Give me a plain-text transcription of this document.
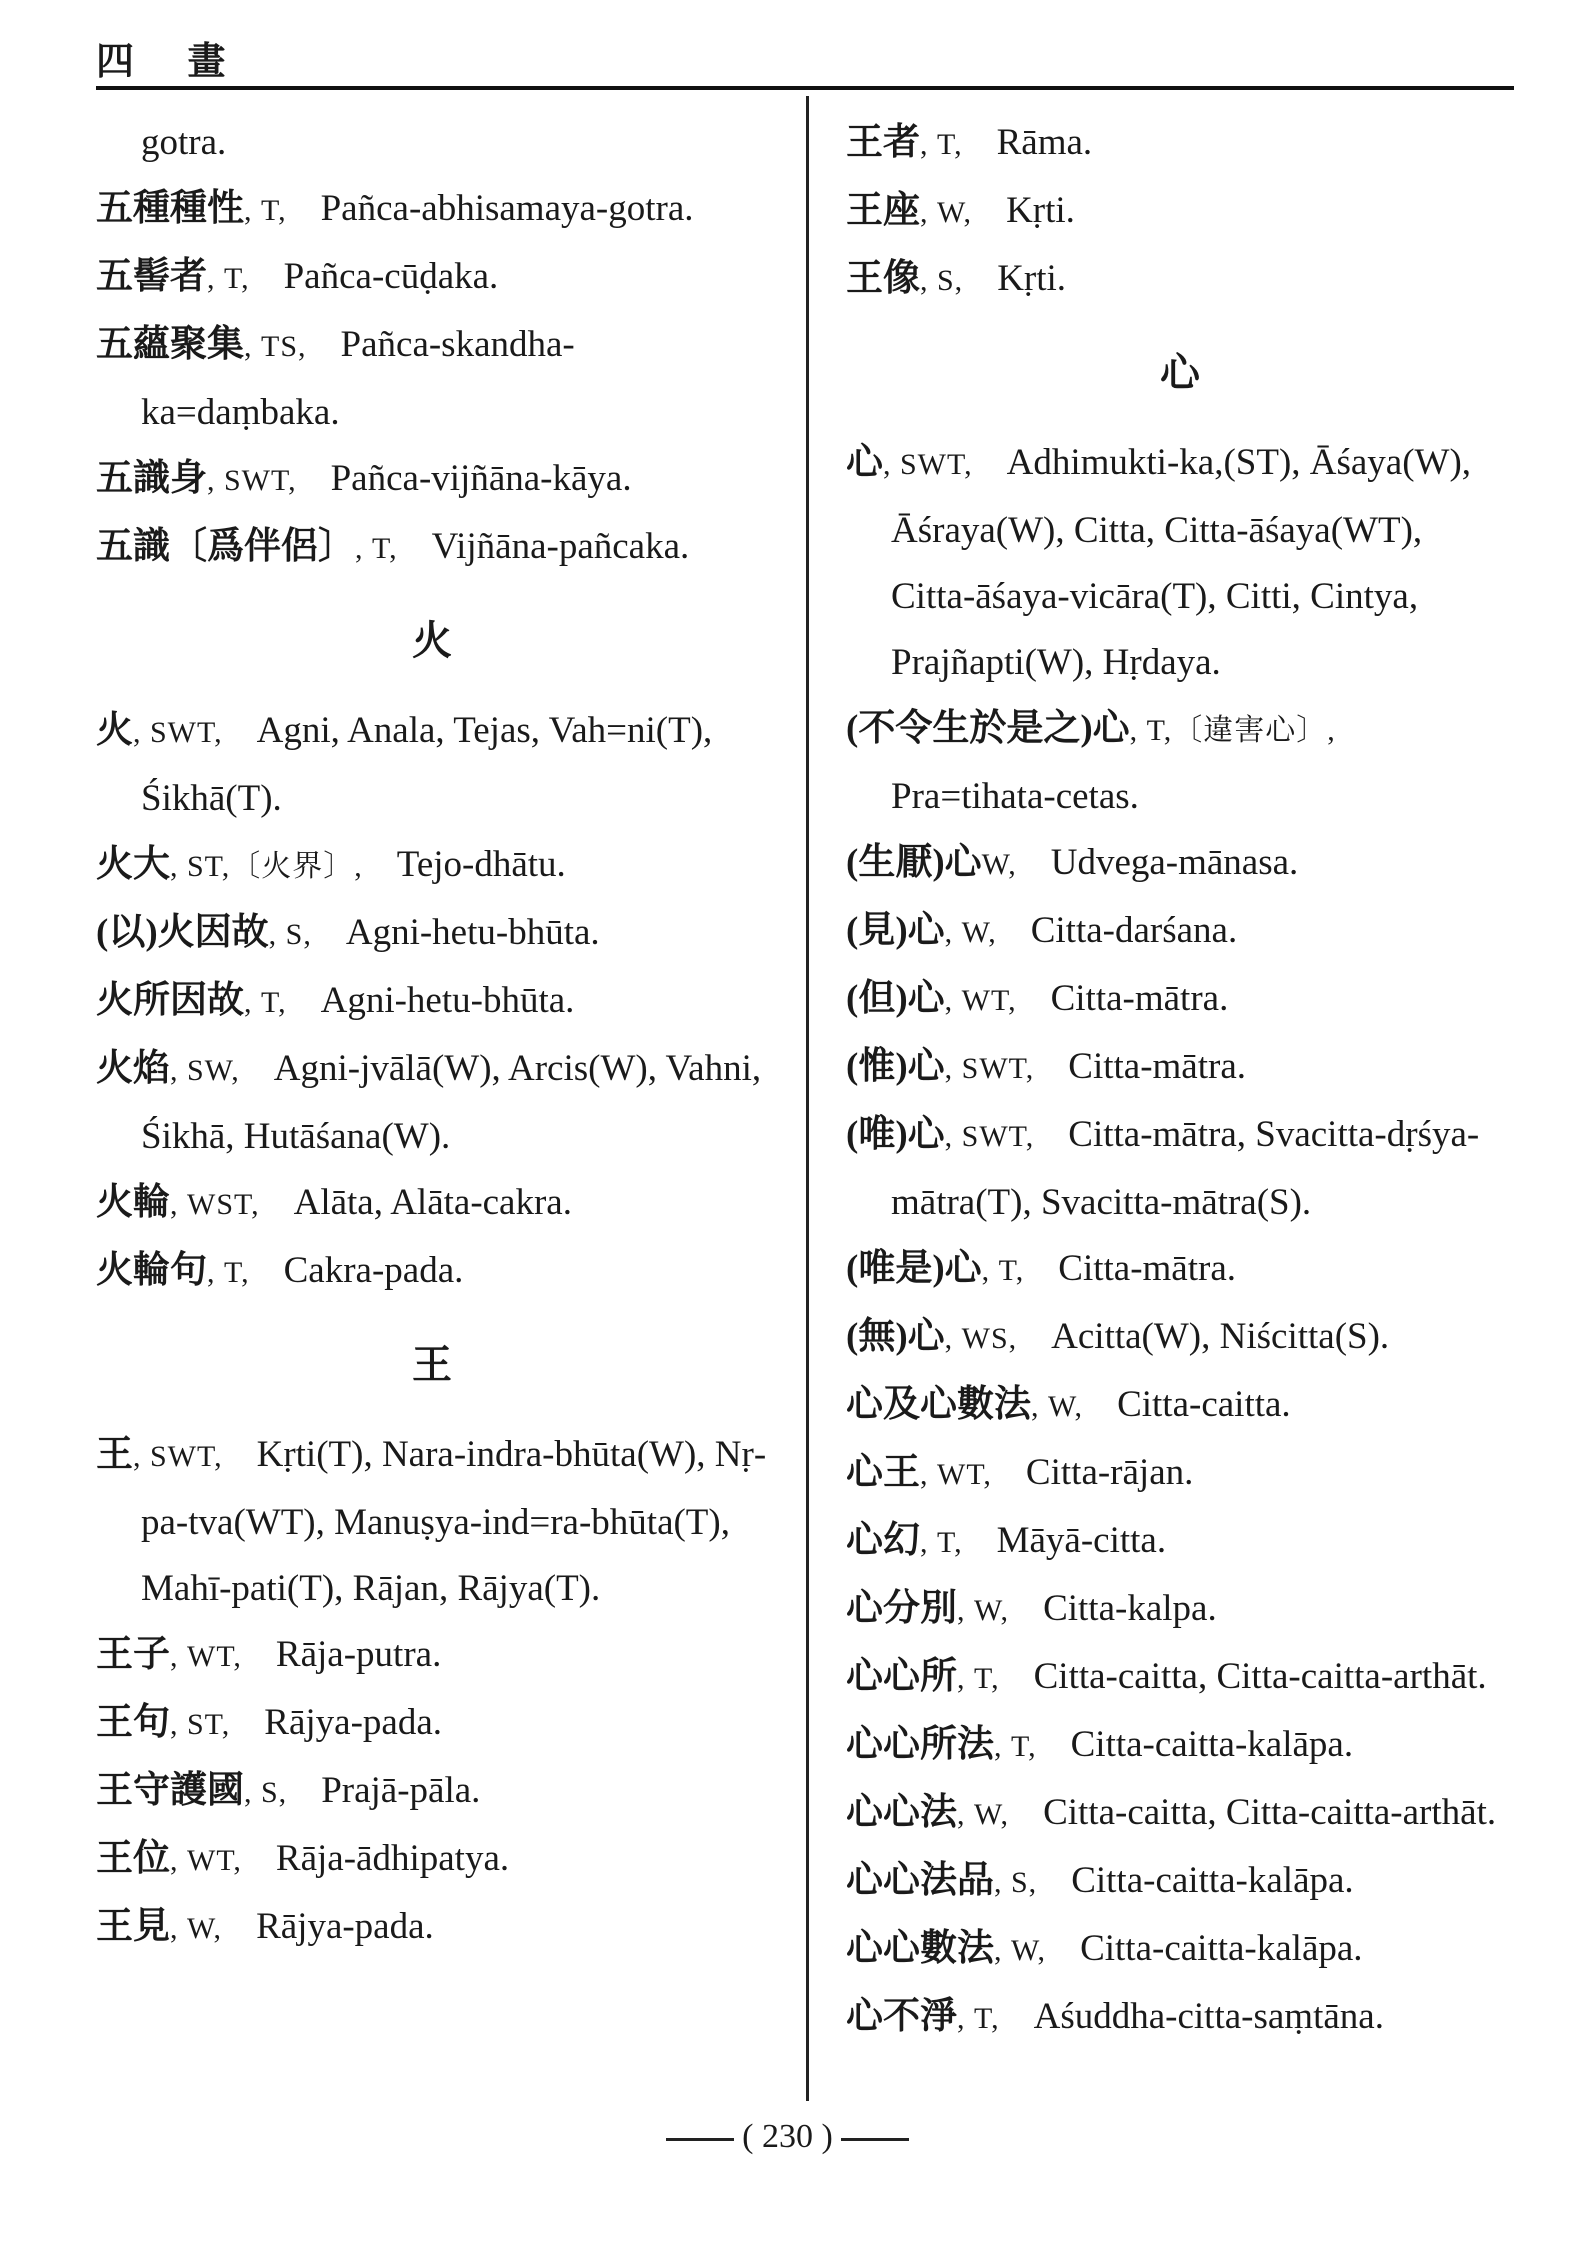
四 畫
gotra.
五種種性, T, Pañca-abhisamaya-gotra.
五髻者, T, Pañca-cūḍaka.
五蘊聚集, TS, Pañca-skandha-ka=daṃbaka.
五識身, SWT, Pañca-vijñāna-kāya.
五識〔爲伴侶〕, T, Vijñāna-pañcaka.
火
火, SWT, Agni, Anala, Tejas, Vah=ni(T), Śikhā(T).
火大, ST,〔火界〕, Tejo-dhātu.
(以)火因故, S, Agni-hetu-bhūta.
火所因故, T, Agni-hetu-bhūta.
火焰, SW, Agni-jvālā(W), Arcis(W), Vahni, Śikhā, Hutāśana(W).
火輪, WST, Alāta, Alāta-cakra.
火輪句, T, Cakra-pada.
王
王, SWT, Kṛti(T), Nara-indra-bhūta(W), Nṛ-pa-tva(WT), Manuṣya-ind=ra-bhūta(T), Mahī-pati(T), Rājan, Rājya(T).
王子, WT, Rāja-putra.
王句, ST, Rājya-pada.
王守護國, S, Prajā-pāla.
王位, WT, Rāja-ādhipatya.
王見, W, Rājya-pada.
王者, T, Rāma.
王座, W, Kṛti.
王像, S, Kṛti.
心
心, SWT, Adhimukti-ka,(ST), Āśaya(W), Āśraya(W), Citta, Citta-āśaya(WT), Citta-āśaya-vicāra(T), Citti, Cintya, Prajñapti(W), Hṛdaya.
(不令生於是之)心, T,〔違害心〕,Pra=tihata-cetas.
(生厭)心W, Udvega-mānasa.
(見)心, W, Citta-darśana.
(但)心, WT, Citta-mātra.
(惟)心, SWT, Citta-mātra.
(唯)心, SWT, Citta-mātra, Svacitta-dṛśya-mātra(T), Svacitta-mātra(S).
(唯是)心, T, Citta-mātra.
(無)心, WS, Acitta(W), Niścitta(S).
心及心數法, W, Citta-caitta.
心王, WT, Citta-rājan.
心幻, T, Māyā-citta.
心分別, W, Citta-kalpa.
心心所, T, Citta-caitta, Citta-caitta-arthāt.
心心所法, T, Citta-caitta-kalāpa.
心心法, W, Citta-caitta, Citta-caitta-arthāt.
心心法品, S, Citta-caitta-kalāpa.
心心數法, W, Citta-caitta-kalāpa.
心不淨, T, Aśuddha-citta-saṃtāna.
( 230 )
